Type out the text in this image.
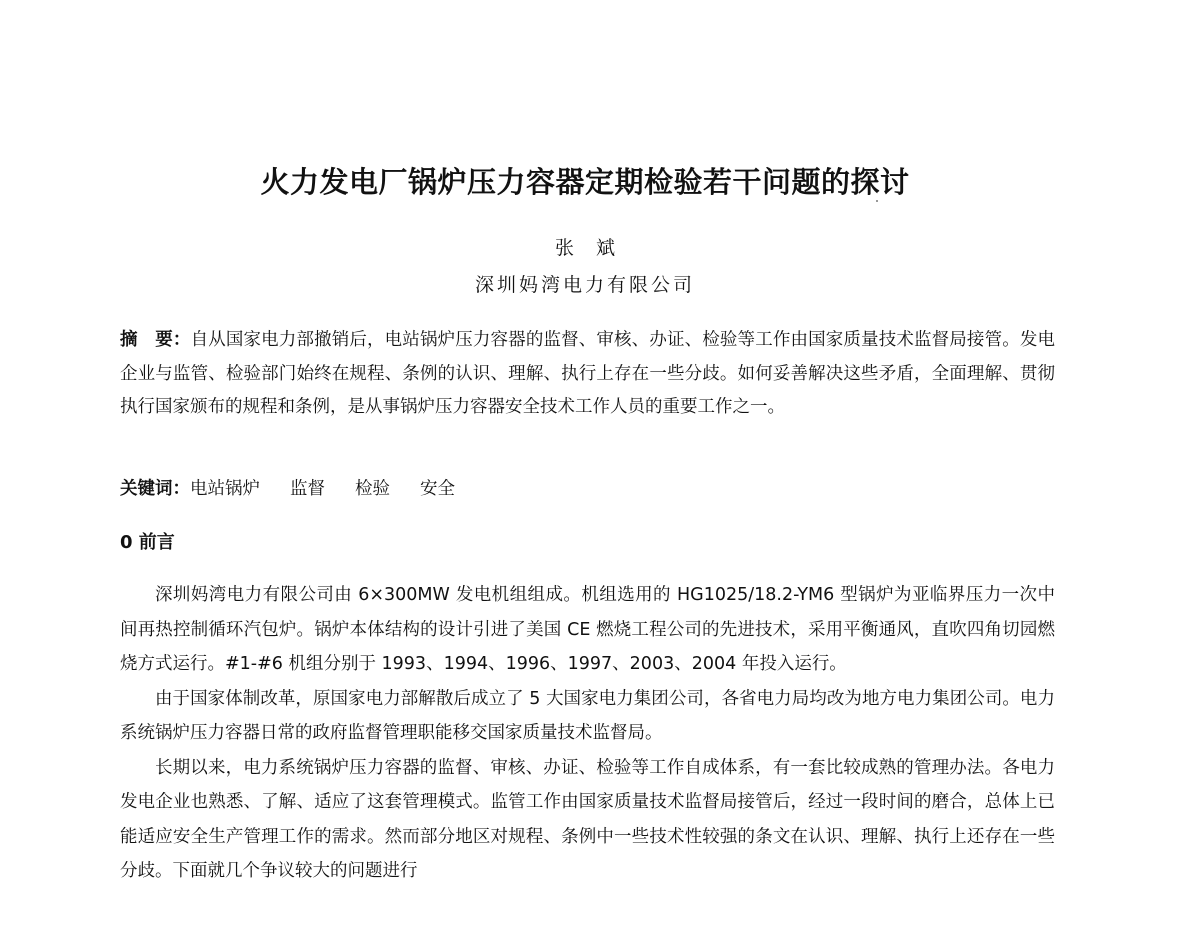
火力发电厂锅炉压力容器定期检验若干问题的探讨
张斌
深圳妈湾电力有限公司
摘　要：自从国家电力部撤销后，电站锅炉压力容器的监督、审核、办证、检验等工作由国家质量技术监督局接管。发电企业与监管、检验部门始终在规程、条例的认识、理解、执行上存在一些分歧。如何妥善解决这些矛盾，全面理解、贯彻执行国家颁布的规程和条例，是从事锅炉压力容器安全技术工作人员的重要工作之一。
关键词：电站锅炉 监督 检验 安全
0 前言

深圳妈湾电力有限公司由 6×300MW 发电机组组成。机组选用的 HG1025/18.2-YM6 型锅炉为亚临界压力一次中间再热控制循环汽包炉。锅炉本体结构的设计引进了美国 CE 燃烧工程公司的先进技术，采用平衡通风，直吹四角切园燃烧方式运行。#1-#6 机组分别于 1993、1994、1996、1997、2003、2004 年投入运行。

由于国家体制改革，原国家电力部解散后成立了 5 大国家电力集团公司，各省电力局均改为地方电力集团公司。电力系统锅炉压力容器日常的政府监督管理职能移交国家质量技术监督局。

长期以来，电力系统锅炉压力容器的监督、审核、办证、检验等工作自成体系，有一套比较成熟的管理办法。各电力发电企业也熟悉、了解、适应了这套管理模式。监管工作由国家质量技术监督局接管后，经过一段时间的磨合，总体上已能适应安全生产管理工作的需求。然而部分地区对规程、条例中一些技术性较强的条文在认识、理解、执行上还存在一些分歧。下面就几个争议较大的问题进行
